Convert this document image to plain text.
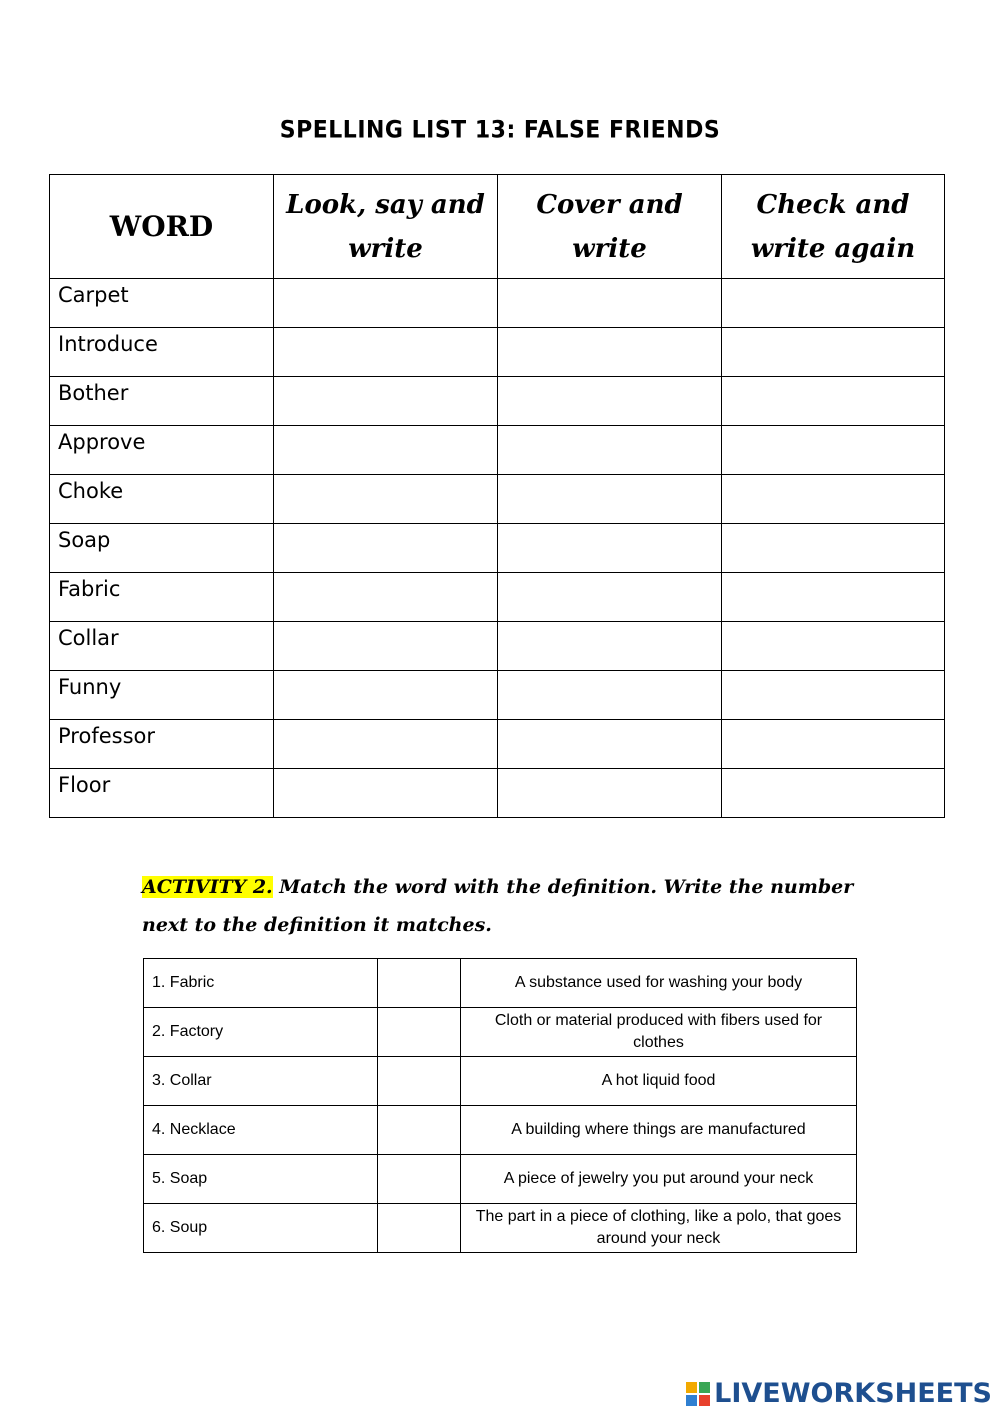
SPELLING LIST 13: FALSE FRIENDS
WORD	Look, say and write	Cover and write	Check and write again
Carpet			
Introduce			
Bother			
Approve			
Choke			
Soap			
Fabric			
Collar			
Funny			
Professor			
Floor			
ACTIVITY 2. Match the word with the definition. Write the number next to the definition it matches.
1. Fabric		A substance used for washing your body
2. Factory		Cloth or material produced with fibers used for clothes
3. Collar		A hot liquid food
4. Necklace		A building where things are manufactured
5. Soap		A piece of jewelry you put around your neck
6. Soup		The part in a piece of clothing, like a polo, that goes around your neck
LIVEWORKSHEETS
